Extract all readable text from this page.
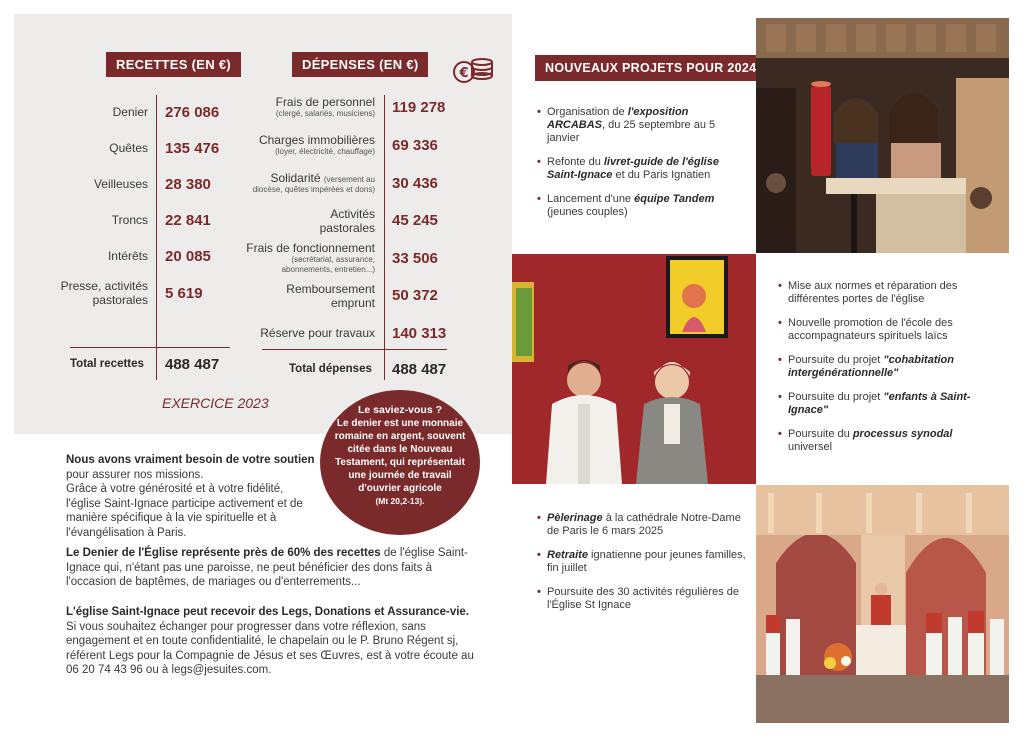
RECETTES (EN €)	DÉPENSES (EN €)
€
Denier 276 086
Quêtes 135 476
Veilleuses 28 380
Troncs 22 841
Intérêts 20 085
Presse, activités
pastorales 5 619
Total recettes 488 487
Frais de personnel
(clergé, salariés, musiciens) 119 278
Charges immobilières
(loyer, électricité, chauffage) 69 336
Solidarité (versement au
diocèse, quêtes impérées et dons) 30 436
Activités
pastorales 45 245
Frais de fonctionnement
(secrétariat, assurance,
abonnements, entretien...)
33 506
Remboursement
emprunt 50 372
Réserve pour travaux 140 313
Total dépenses 488 487
EXERCICE 2023	Le saviez-vous ?
Le denier est une monnaie romaine en argent, souvent citée dans le Nouveau Testament, qui représentait une journée de travail d'ouvrier agricole
(Mt 20,2-13).
Nous avons vraiment besoin de votre soutien pour assurer nos missions.
Grâce à votre générosité et à votre fidélité, l'église Saint-Ignace participe activement et de manière spécifique à la vie spirituelle et à l'évangélisation à Paris.
Le Denier de l'Église représente près de 60% des recettes de l'église Saint-Ignace qui, n'étant pas une paroisse, ne peut bénéficier des dons faits à l'occasion de baptêmes, de mariages ou d'enterrements...
L'église Saint-Ignace peut recevoir des Legs, Donations et Assurance-vie. Si vous souhaitez échanger pour progresser dans votre réflexion, sans engagement et en toute confidentialité, le chapelain ou le P. Bruno Régent sj, référent Legs pour la Compagnie de Jésus et ses Œuvres, est à votre écoute au 06 20 74 43 96 ou à legs@jesuites.com.
NOUVEAUX PROJETS POUR 2024
• Organisation de l'exposition ARCABAS, du 25 septembre au 5 janvier
• Refonte du livret-guide de l'église Saint-Ignace et du Paris Ignatien
• Lancement d'une équipe Tandem (jeunes couples)
• Mise aux normes et réparation des différentes portes de l'église
• Nouvelle promotion de l'école des accompagnateurs spirituels laïcs
• Poursuite du projet "cohabitation intergénérationnelle"
• Poursuite du projet "enfants à Saint-Ignace"
• Poursuite du processus synodal universel
• Pèlerinage à la cathédrale Notre-Dame de Paris le 6 mars 2025
• Retraite ignatienne pour jeunes familles, fin juillet
• Poursuite des 30 activités régulières de l'Église St Ignace
